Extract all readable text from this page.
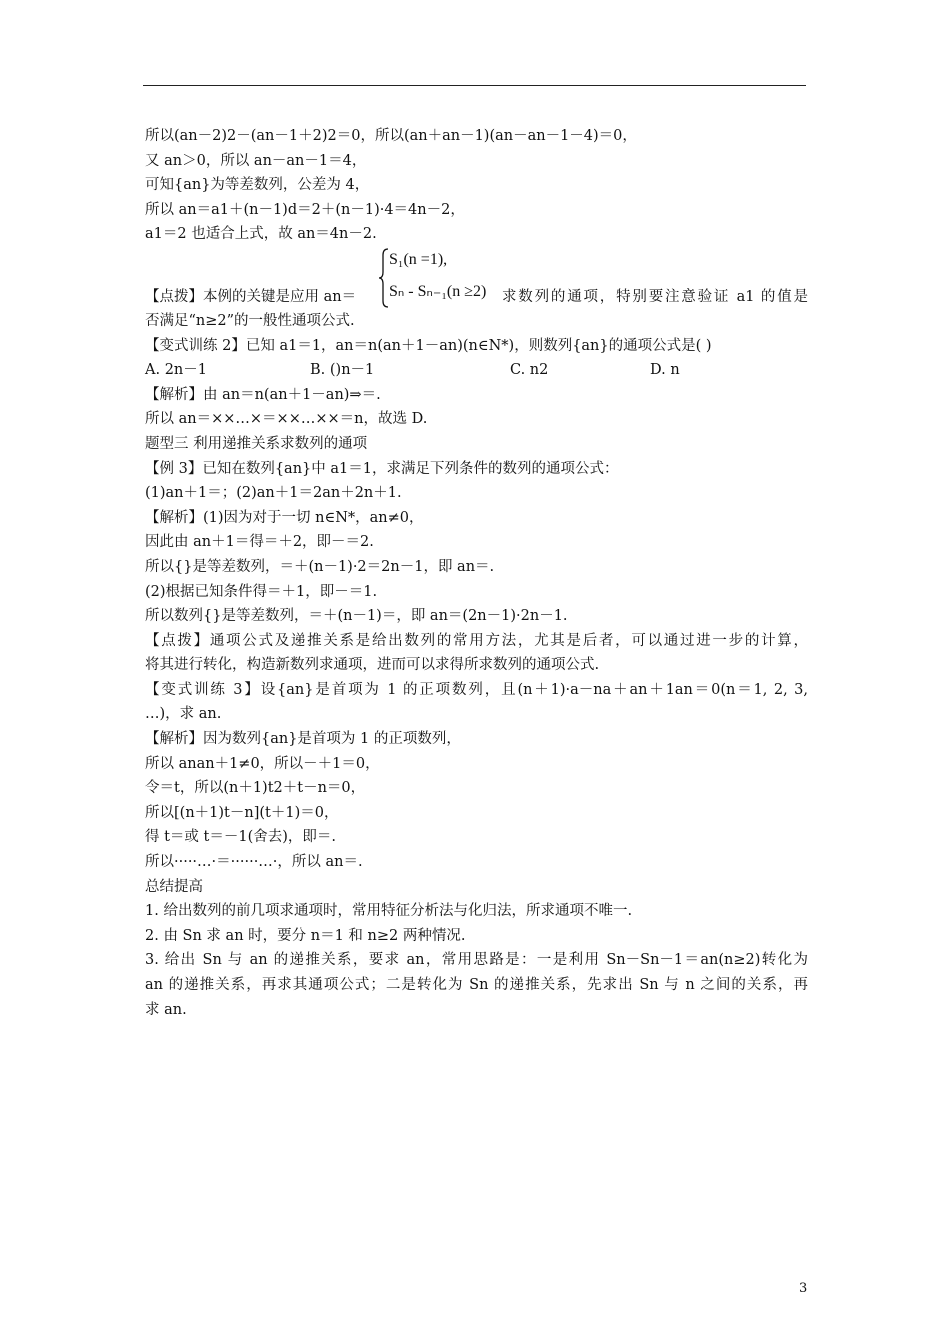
所以(an－2)2－(an－1＋2)2＝0，所以(an＋an－1)(an－an－1－4)＝0，
又 an＞0，所以 an－an－1＝4，
可知{an}为等差数列，公差为 4，
所以 an＝a1＋(n－1)d＝2＋(n－1)·4＝4n－2，
a1＝2 也适合上式，故 an＝4n－2.
【点拨】本例的关键是应用 an＝
S₁(n =1),
Sₙ - Sₙ₋₁(n ≥2) 求数列的通项，特别要注意验证 a1 的值是
否满足“n≥2”的一般性通项公式.
【变式训练 2】已知 a1＝1，an＝n(an＋1－an)(n∈N*)，则数列{an}的通项公式是( )
A. 2n－1	B. ()n－1	C. n2	D. n
【解析】由 an＝n(an＋1－an)⇒＝.
所以 an＝××…×＝××…××＝n，故选 D.
题型三 利用递推关系求数列的通项
【例 3】已知在数列{an}中 a1＝1，求满足下列条件的数列的通项公式：
(1)an＋1＝；(2)an＋1＝2an＋2n＋1.
【解析】(1)因为对于一切 n∈N*，an≠0，
因此由 an＋1＝得＝＋2，即－＝2.
所以{}是等差数列，＝＋(n－1)·2＝2n－1，即 an＝.
(2)根据已知条件得＝＋1，即－＝1.
所以数列{}是等差数列，＝＋(n－1)＝，即 an＝(2n－1)·2n－1.
【点拨】通项公式及递推关系是给出数列的常用方法，尤其是后者，可以通过进一步的计算，
将其进行转化，构造新数列求通项，进而可以求得所求数列的通项公式.
【变式训练 3】设{an}是首项为 1 的正项数列，且(n＋1)·a－na＋an＋1an＝0(n＝1, 2, 3,
…)，求 an.
【解析】因为数列{an}是首项为 1 的正项数列，
所以 anan＋1≠0，所以－＋1＝0，
令＝t，所以(n＋1)t2＋t－n＝0，
所以[(n＋1)t－n](t＋1)＝0，
得 t＝或 t＝－1(舍去)，即＝.
所以·····…·＝······…·，所以 an＝.
总结提高
1. 给出数列的前几项求通项时，常用特征分析法与化归法，所求通项不唯一.
2. 由 Sn 求 an 时，要分 n＝1 和 n≥2 两种情况.
3. 给出 Sn 与 an 的递推关系，要求 an，常用思路是：一是利用 Sn－Sn－1＝an(n≥2)转化为
an 的递推关系，再求其通项公式；二是转化为 Sn 的递推关系，先求出 Sn 与 n 之间的关系，再
求 an.
3
